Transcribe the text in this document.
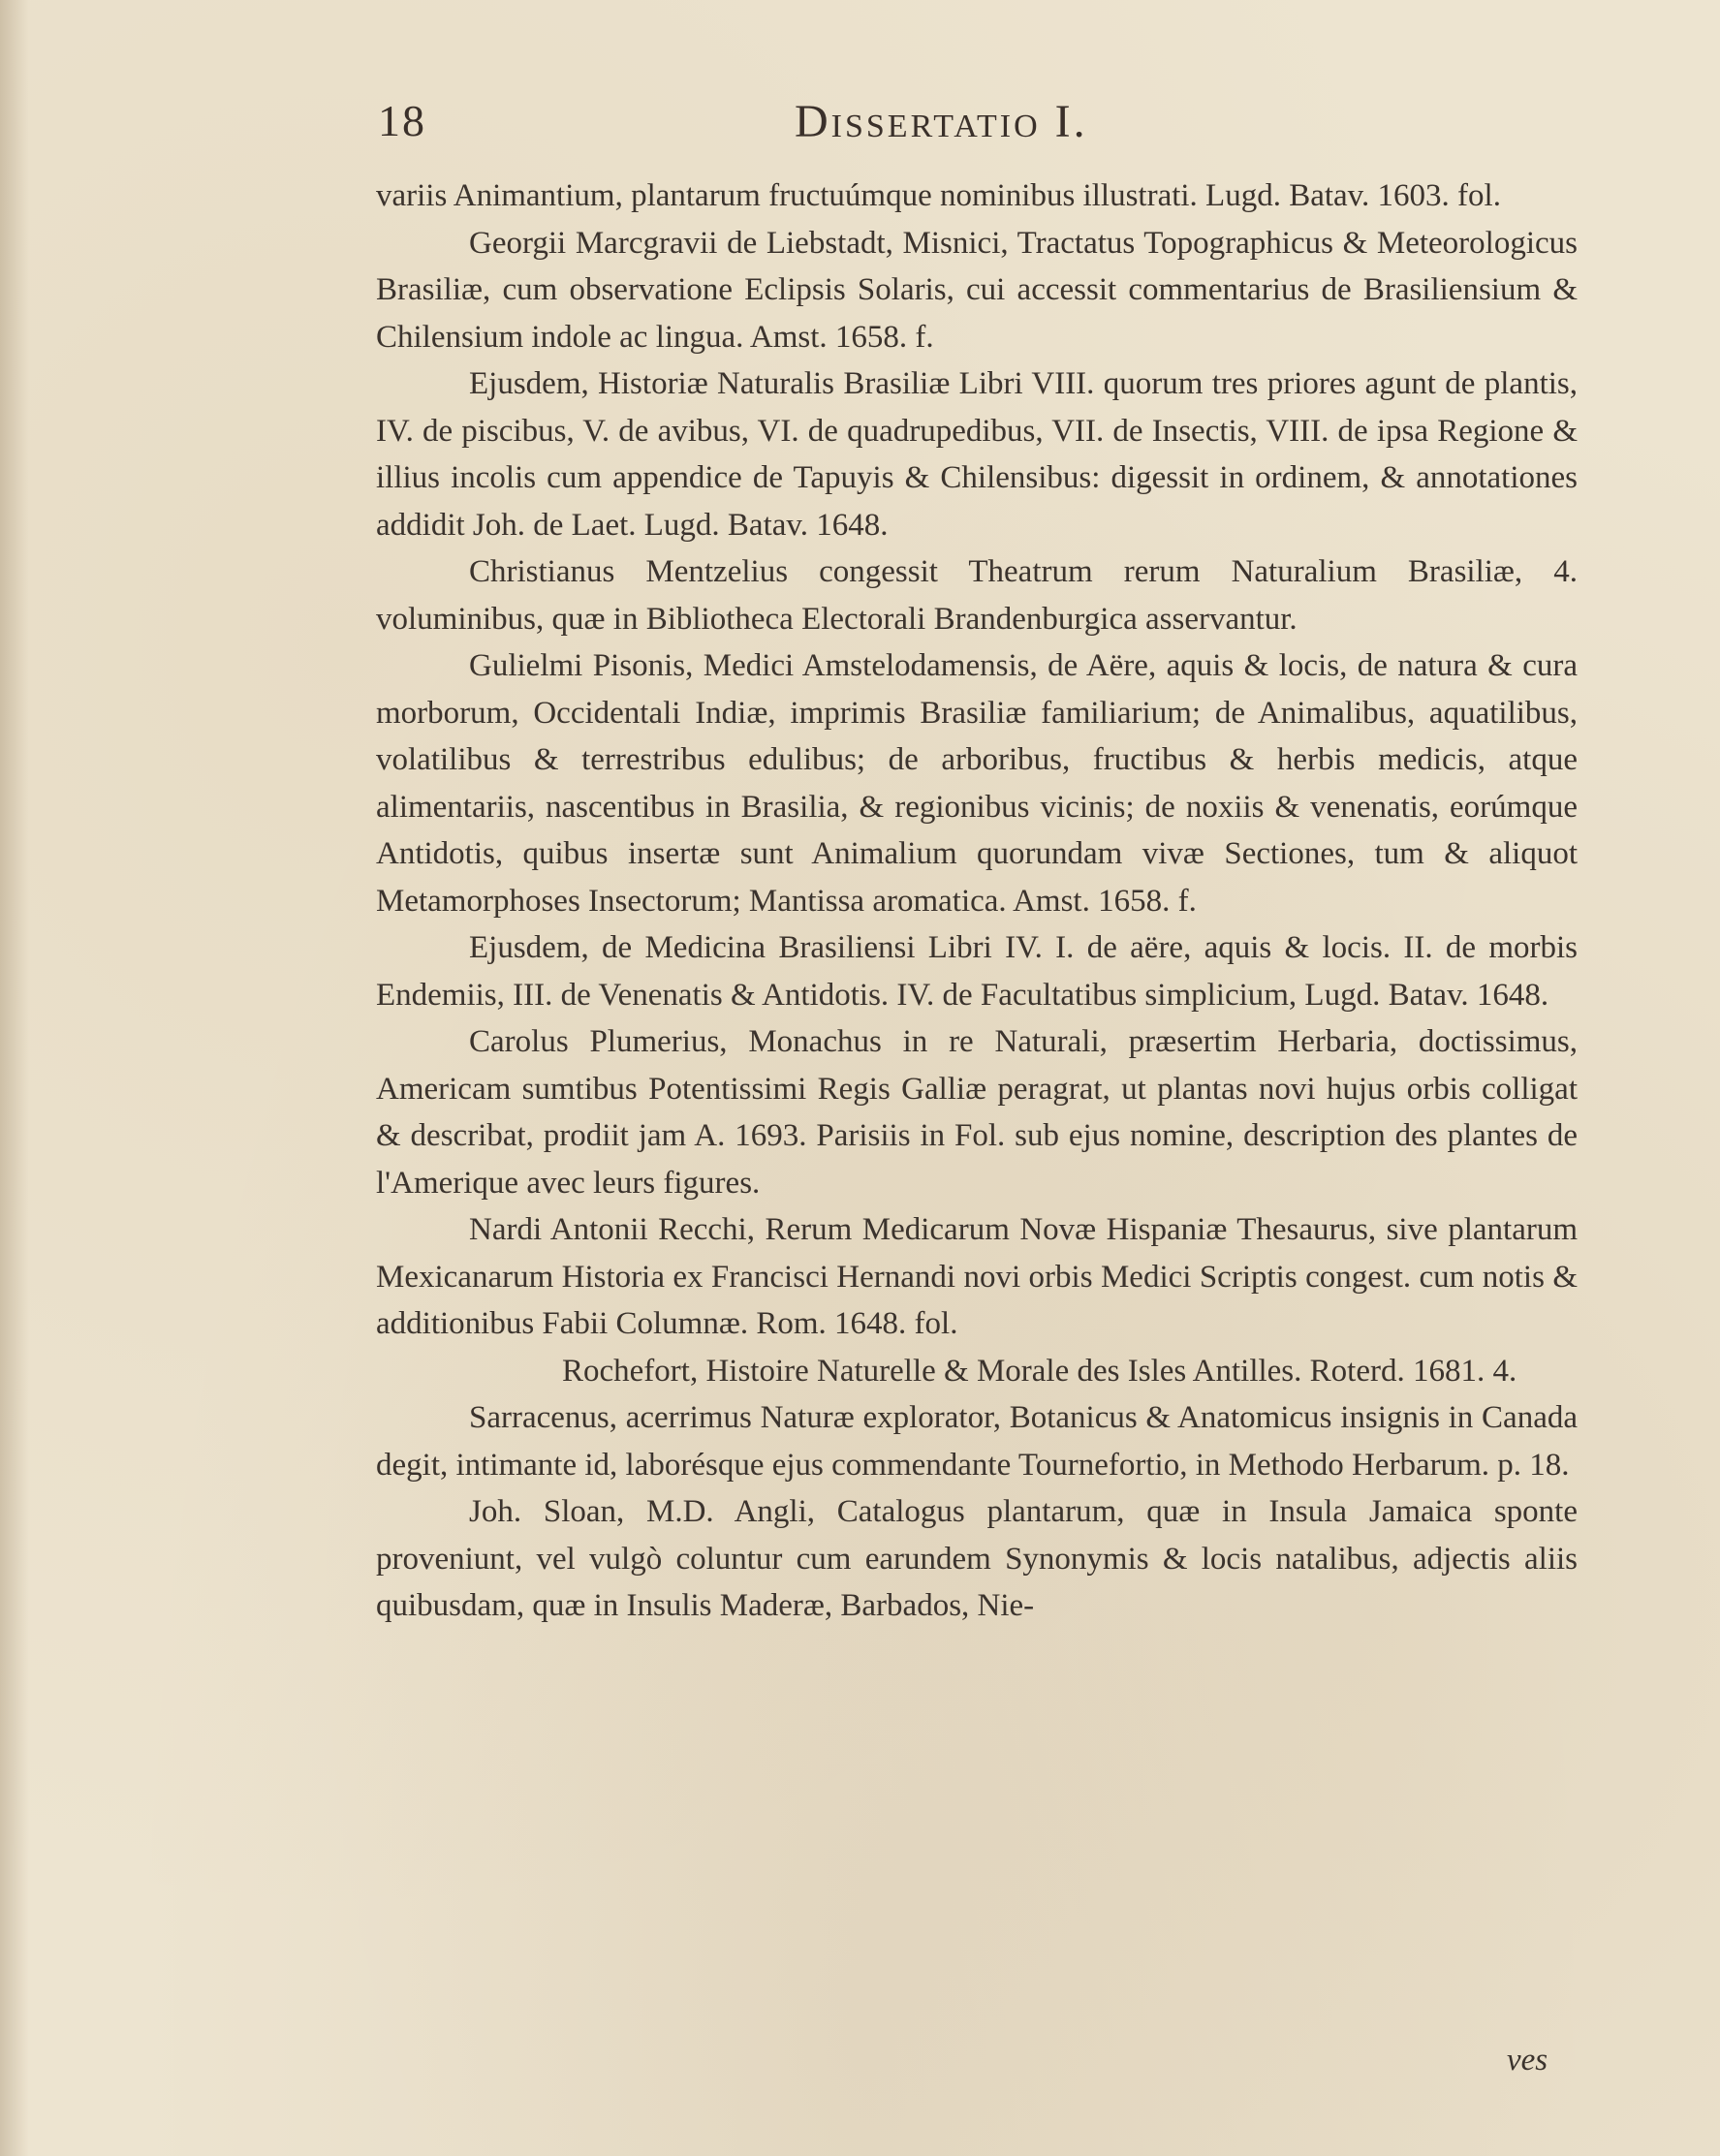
18	Dissertatio I.

variis Animantium, plantarum fructuúmque nominibus illustrati. Lugd. Batav. 1603. fol.

Georgii Marcgravii de Liebstadt, Misnici, Tractatus Topographicus & Meteorologicus Brasiliæ, cum observatione Eclipsis Solaris, cui accessit commentarius de Brasiliensium & Chilensium indole ac lingua. Amst. 1658. f.

Ejusdem, Historiæ Naturalis Brasiliæ Libri VIII. quorum tres priores agunt de plantis, IV. de piscibus, V. de avibus, VI. de quadrupedibus, VII. de Insectis, VIII. de ipsa Regione & illius incolis cum appendice de Tapuyis & Chilensibus: digessit in ordinem, & annotationes addidit Joh. de Laet. Lugd. Batav. 1648.

Christianus Mentzelius congessit Theatrum rerum Naturalium Brasiliæ, 4. voluminibus, quæ in Bibliotheca Electorali Brandenburgica asservantur.

Gulielmi Pisonis, Medici Amstelodamensis, de Aëre, aquis & locis, de natura & cura morborum, Occidentali Indiæ, imprimis Brasiliæ familiarium; de Animalibus, aquatilibus, volatilibus & terrestribus edulibus; de arboribus, fructibus & herbis medicis, atque alimentariis, nascentibus in Brasilia, & regionibus vicinis; de noxiis & venenatis, eorúmque Antidotis, quibus insertæ sunt Animalium quorundam vivæ Sectiones, tum & aliquot Metamorphoses Insectorum; Mantissa aromatica. Amst. 1658. f.

Ejusdem, de Medicina Brasiliensi Libri IV. I. de aëre, aquis & locis. II. de morbis Endemiis, III. de Venenatis & Antidotis. IV. de Facultatibus simplicium, Lugd. Batav. 1648.

Carolus Plumerius, Monachus in re Naturali, præsertim Herbaria, doctissimus, Americam sumtibus Potentissimi Regis Galliæ peragrat, ut plantas novi hujus orbis colligat & describat, prodiit jam A. 1693. Parisiis in Fol. sub ejus nomine, description des plantes de l'Amerique avec leurs figures.

Nardi Antonii Recchi, Rerum Medicarum Novæ Hispaniæ Thesaurus, sive plantarum Mexicanarum Historia ex Francisci Hernandi novi orbis Medici Scriptis congest. cum notis & additionibus Fabii Columnæ. Rom. 1648. fol.

Rochefort, Histoire Naturelle & Morale des Isles Antilles. Roterd. 1681. 4.

Sarracenus, acerrimus Naturæ explorator, Botanicus & Anatomicus insignis in Canada degit, intimante id, laborésque ejus commendante Tournefortio, in Methodo Herbarum. p. 18.

Joh. Sloan, M.D. Angli, Catalogus plantarum, quæ in Insula Jamaica sponte proveniunt, vel vulgò coluntur cum earundem Synonymis & locis natalibus, adjectis aliis quibusdam, quæ in Insulis Maderæ, Barbados, Nie-

ves
